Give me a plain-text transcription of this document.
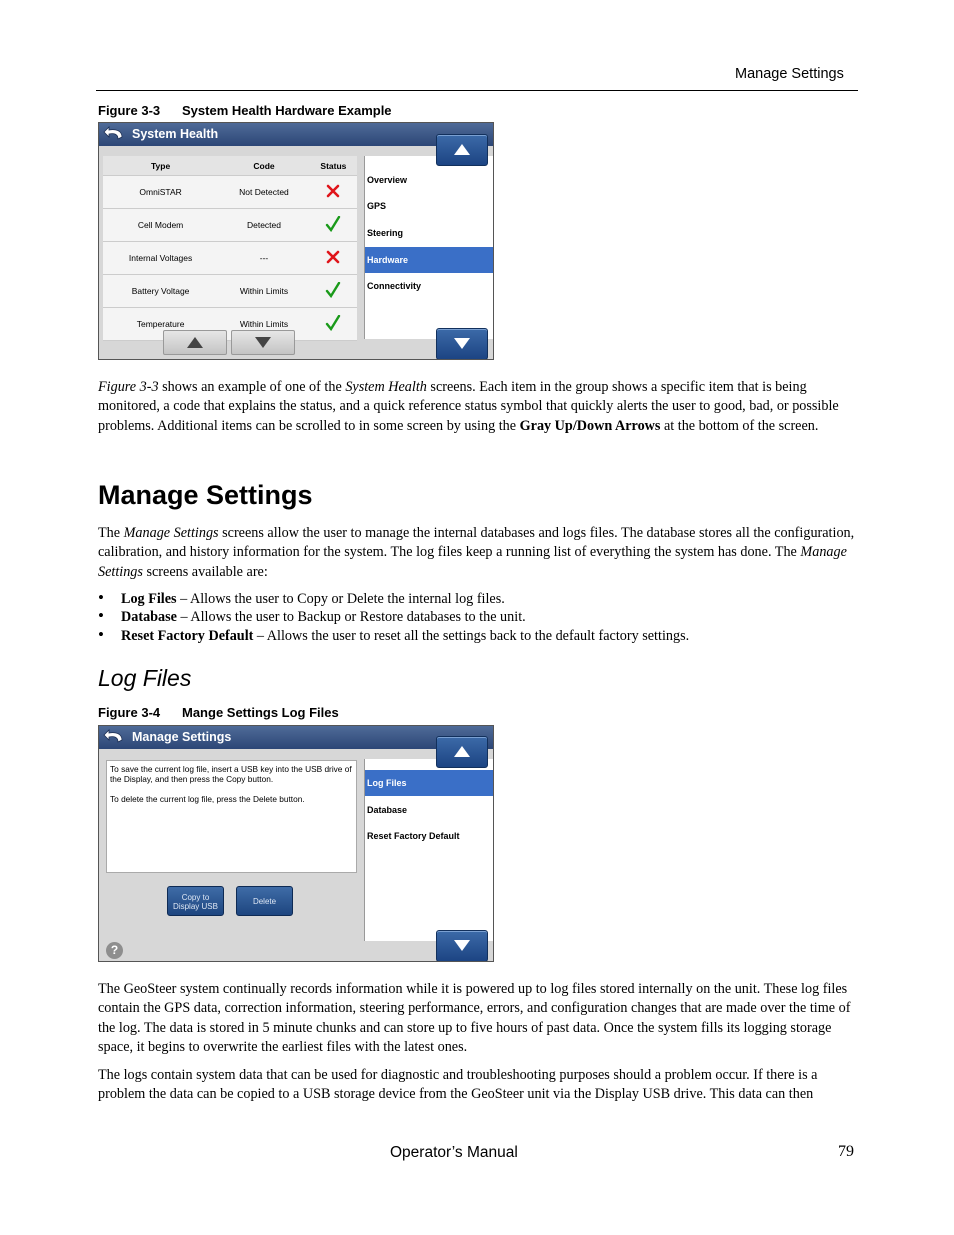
Manage Settings
Figure 3-3 System Health Hardware Example
System Health
Type	Code	Status
OmniSTAR	Not Detected	
Cell Modem	Detected	
Internal Voltages	---	
Battery Voltage	Within Limits	
Temperature	Within Limits	
Overview
GPS
Steering
Hardware
Connectivity
Figure 3-3 shows an example of one of the System Health screens. Each item in the group shows a specific item that is being monitored, a code that explains the status, and a quick reference status symbol that quickly alerts the user to good, bad, or possible problems. Additional items can be scrolled to in some screen by using the Gray Up/Down Arrows at the bottom of the screen.
Manage Settings
The Manage Settings screens allow the user to manage the internal databases and logs files. The database stores all the configuration, calibration, and history information for the system. The log files keep a running list of everything the system has done. The Manage Settings screens available are:
• Log Files – Allows the user to Copy or Delete the internal log files.
• Database – Allows the user to Backup or Restore databases to the unit.
• Reset Factory Default – Allows the user to reset all the settings back to the default factory settings.
Log Files
Figure 3-4 Mange Settings Log Files
Manage Settings
To save the current log file, insert a USB key into the USB drive of the Display, and then press the Copy button.
To delete the current log file, press the Delete button.
Copy to Display USB
Delete
?
Log Files
Database
Reset Factory Default
The GeoSteer system continually records information while it is powered up to log files stored internally on the unit. These log files contain the GPS data, correction information, steering performance, errors, and configuration changes that are made over the time of the log. The data is stored in 5 minute chunks and can store up to five hours of past data. Once the system fills its logging storage space, it begins to overwrite the earliest files with the latest ones.
The logs contain system data that can be used for diagnostic and troubleshooting purposes should a problem occur. If there is a problem the data can be copied to a USB storage device from the GeoSteer unit via the Display USB drive. This data can then
Operator’s Manual	79
